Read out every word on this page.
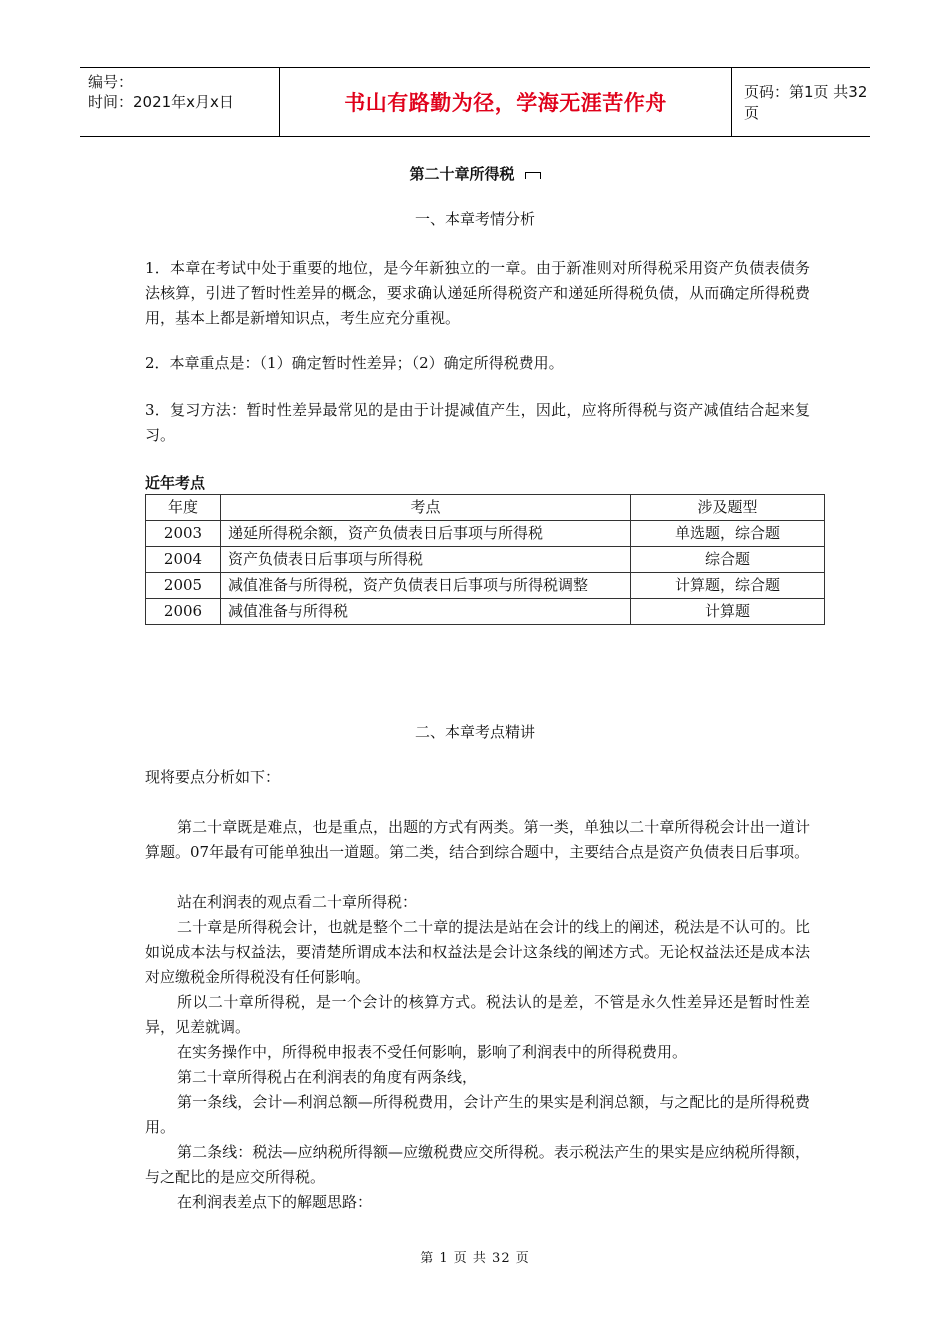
编号：
时间：2021年x月x日	书山有路勤为径，学海无涯苦作舟	页码：第1页 共32页
第二十章所得税
一、本章考情分析
1．本章在考试中处于重要的地位，是今年新独立的一章。由于新准则对所得税采用资产负债表债务法核算，引进了暂时性差异的概念，要求确认递延所得税资产和递延所得税负债，从而确定所得税费用，基本上都是新增知识点，考生应充分重视。
2．本章重点是：（1）确定暂时性差异；（2）确定所得税费用。
3．复习方法：暂时性差异最常见的是由于计提减值产生，因此，应将所得税与资产减值结合起来复习。
近年考点
年度	考点	涉及题型
2003	递延所得税余额，资产负债表日后事项与所得税	单选题，综合题
2004	资产负债表日后事项与所得税	综合题
2005	减值准备与所得税，资产负债表日后事项与所得税调整	计算题，综合题
2006	减值准备与所得税	计算题
二、本章考点精讲
现将要点分析如下：
第二十章既是难点，也是重点，出题的方式有两类。第一类，单独以二十章所得税会计出一道计算题。07年最有可能单独出一道题。第二类，结合到综合题中，主要结合点是资产负债表日后事项。
站在利润表的观点看二十章所得税：
二十章是所得税会计，也就是整个二十章的提法是站在会计的线上的阐述，税法是不认可的。比如说成本法与权益法，要清楚所谓成本法和权益法是会计这条线的阐述方式。无论权益法还是成本法对应缴税金所得税没有任何影响。
所以二十章所得税，是一个会计的核算方式。税法认的是差，不管是永久性差异还是暂时性差异，见差就调。
在实务操作中，所得税申报表不受任何影响，影响了利润表中的所得税费用。
第二十章所得税占在利润表的角度有两条线，
第一条线，会计—利润总额—所得税费用，会计产生的果实是利润总额，与之配比的是所得税费用。
第二条线：税法—应纳税所得额—应缴税费应交所得税。表示税法产生的果实是应纳税所得额，与之配比的是应交所得税。
在利润表差点下的解题思路：
第 1 页 共 32 页
